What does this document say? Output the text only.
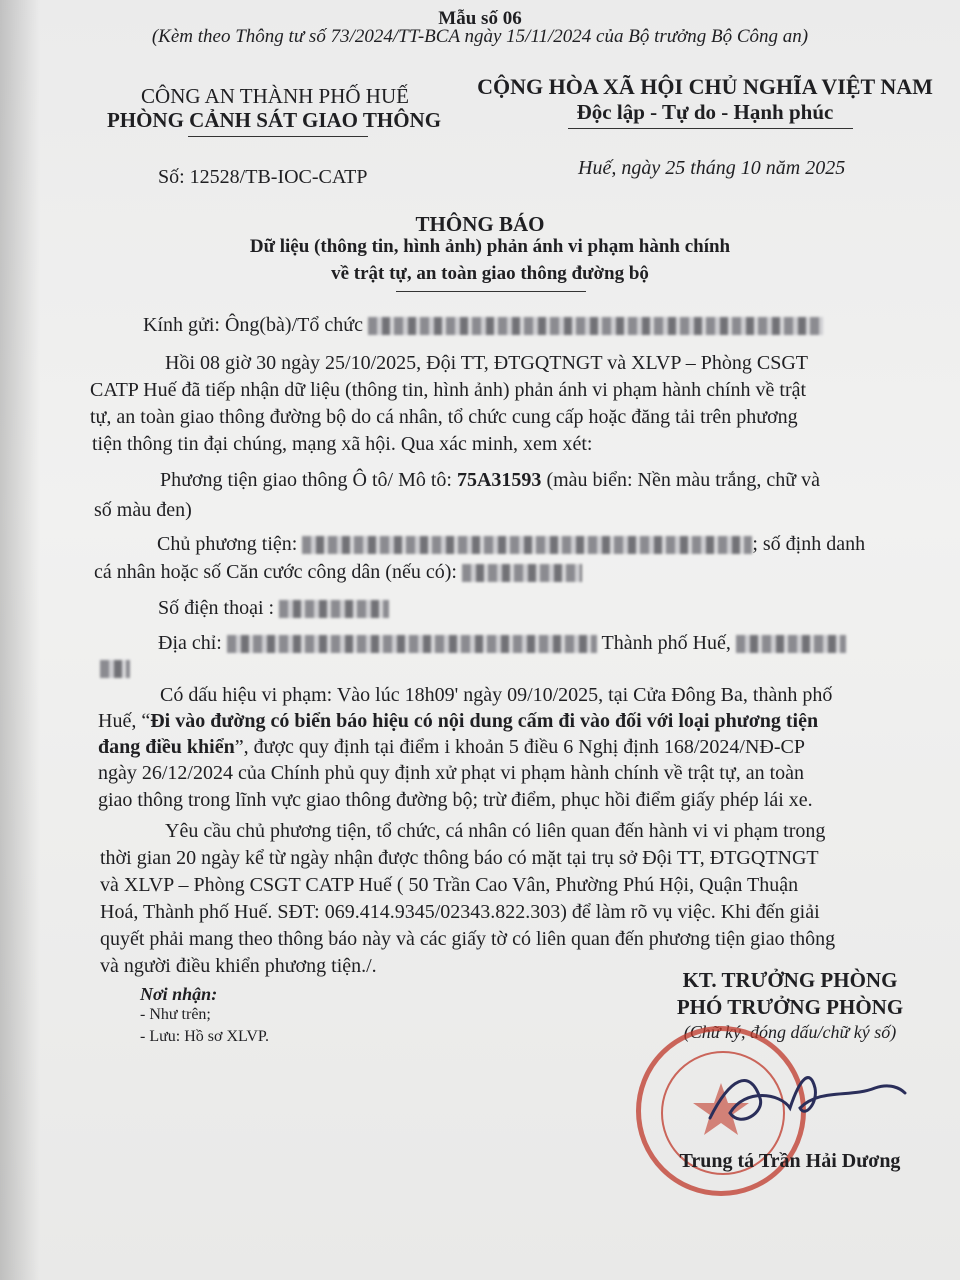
Mẫu số 06
(Kèm theo Thông tư số 73/2024/TT-BCA ngày 15/11/2024 của Bộ trưởng Bộ Công an)
CÔNG AN THÀNH PHỐ HUẾ
PHÒNG CẢNH SÁT GIAO THÔNG
CỘNG HÒA XÃ HỘI CHỦ NGHĨA VIỆT NAM
Độc lập - Tự do - Hạnh phúc
Số: 12528/TB-IOC-CATP	Huế, ngày 25 tháng 10 năm 2025
THÔNG BÁO
Dữ liệu (thông tin, hình ảnh) phản ánh vi phạm hành chính
về trật tự, an toàn giao thông đường bộ
Kính gửi: Ông(bà)/Tổ chức
Hồi 08 giờ 30 ngày 25/10/2025, Đội TT, ĐTGQTNGT và XLVP – Phòng CSGT
CATP Huế đã tiếp nhận dữ liệu (thông tin, hình ảnh) phản ánh vi phạm hành chính về trật
tự, an toàn giao thông đường bộ do cá nhân, tổ chức cung cấp hoặc đăng tải trên phương
tiện thông tin đại chúng, mạng xã hội. Qua xác minh, xem xét:
Phương tiện giao thông Ô tô/ Mô tô: 75A31593 (màu biển: Nền màu trắng, chữ và
số màu đen)
Chủ phương tiện:	; số định danh
cá nhân hoặc số Căn cước công dân (nếu có):
Số điện thoại :
Địa chỉ:	Thành phố Huế,
Có dấu hiệu vi phạm: Vào lúc 18h09' ngày 09/10/2025, tại Cửa Đông Ba, thành phố
Huế, “Đi vào đường có biển báo hiệu có nội dung cấm đi vào đối với loại phương tiện
đang điều khiển”, được quy định tại điểm i khoản 5 điều 6 Nghị định 168/2024/NĐ-CP
ngày 26/12/2024 của Chính phủ quy định xử phạt vi phạm hành chính về trật tự, an toàn
giao thông trong lĩnh vực giao thông đường bộ; trừ điểm, phục hồi điểm giấy phép lái xe.
Yêu cầu chủ phương tiện, tổ chức, cá nhân có liên quan đến hành vi vi phạm trong
thời gian 20 ngày kể từ ngày nhận được thông báo có mặt tại trụ sở Đội TT, ĐTGQTNGT
và XLVP – Phòng CSGT CATP Huế ( 50 Trần Cao Vân, Phường Phú Hội, Quận Thuận
Hoá, Thành phố Huế. SĐT: 069.414.9345/02343.822.303) để làm rõ vụ việc. Khi đến giải
quyết phải mang theo thông báo này và các giấy tờ có liên quan đến phương tiện giao thông
và người điều khiển phương tiện./.
Nơi nhận:
- Như trên;
- Lưu: Hồ sơ XLVP.
KT. TRƯỞNG PHÒNG
PHÓ TRƯỞNG PHÒNG
(Chữ ký, đóng dấu/chữ ký số)
Trung tá Trần Hải Dương
